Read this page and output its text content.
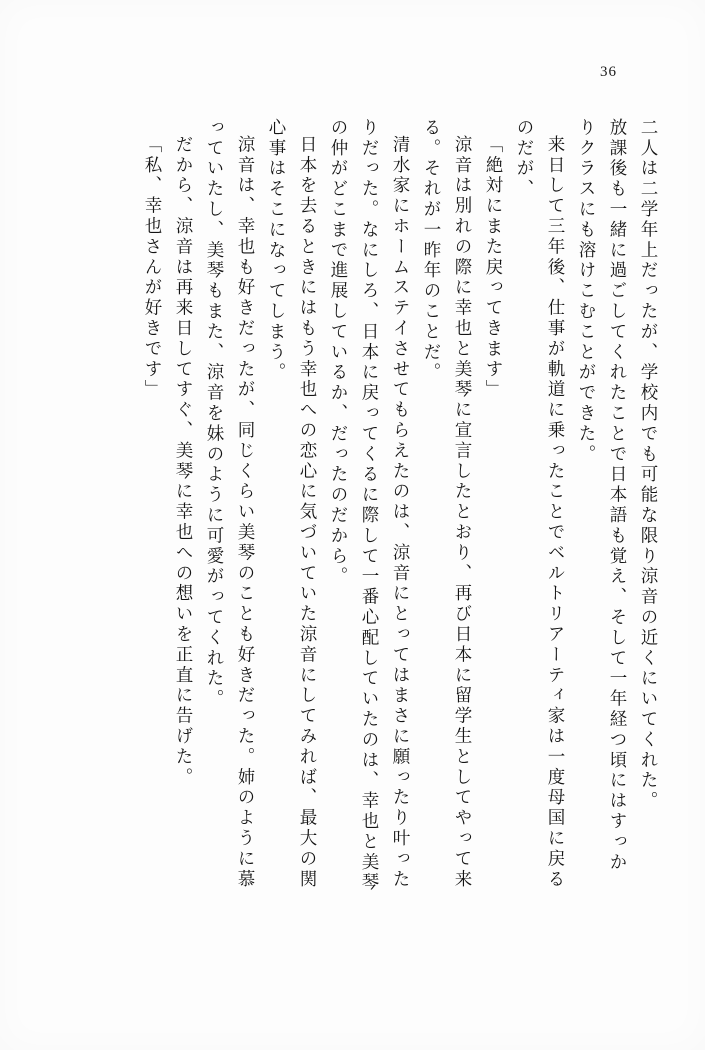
36
二人は二学年上だったが、学校内でも可能な限り涼音の近くにいてくれた。
放課後も一緒に過ごしてくれたことで日本語も覚え、そして一年経つ頃にはすっか
りクラスにも溶けこむことができた。
来日して三年後、仕事が軌道に乗ったことでベルトリアーティ家は一度母国に戻る
のだが、
「絶対にまた戻ってきます」
涼音は別れの際に幸也と美琴に宣言したとおり、再び日本に留学生としてやって来
る。それが一昨年のことだ。
清水家にホームステイさせてもらえたのは、涼音にとってはまさに願ったり叶った
りだった。なにしろ、日本に戻ってくるに際して一番心配していたのは、幸也と美琴
の仲がどこまで進展しているか、だったのだから。
日本を去るときにはもう幸也への恋心に気づいていた涼音にしてみれば、最大の関
心事はそこになってしまう。
涼音は、幸也も好きだったが、同じくらい美琴のことも好きだった。姉のように慕
っていたし、美琴もまた、涼音を妹のように可愛がってくれた。
だから、涼音は再来日してすぐ、美琴に幸也への想いを正直に告げた。
「私、幸也さんが好きです」
